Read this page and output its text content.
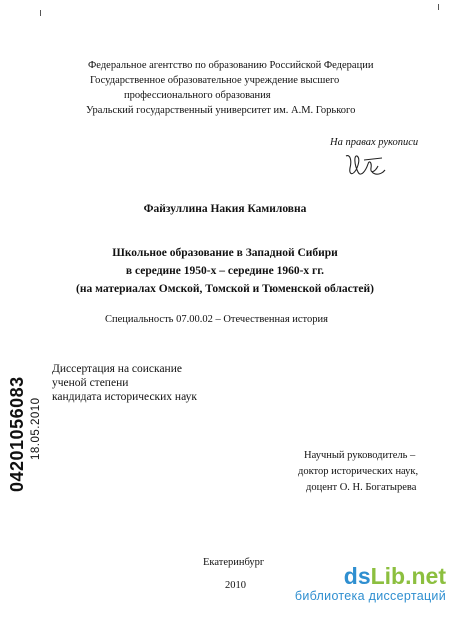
Федеральное агентство по образованию Российской Федерации
Государственное образовательное учреждение высшего
профессионального образования
Уральский государственный университет им. А.М. Горького
На правах рукописи
Файзуллина Накия Камиловна
Школьное образование в Западной Сибири
в середине 1950-х – середине 1960-х гг.
(на материалах Омской, Томской и Тюменской областей)
Специальность 07.00.02 – Отечественная история
04201056083 18.05.2010
Диссертация на соискание
ученой степени
кандидата исторических наук
Научный руководитель –
доктор исторических наук,
доцент О. Н. Богатырева
Екатеринбург
2010	dsLib.net
библиотека диссертаций
